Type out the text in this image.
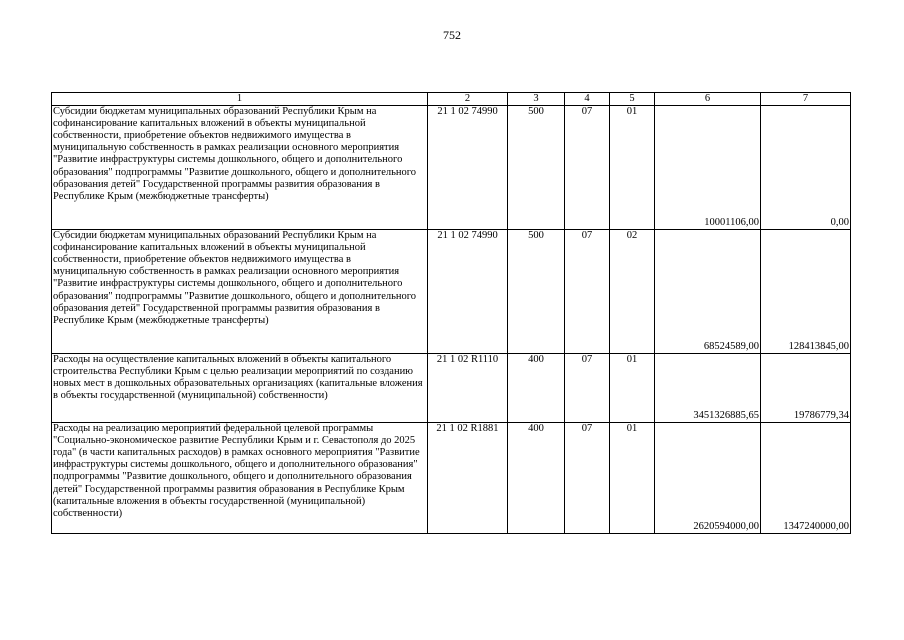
752
1	2	3	4	5	6	7
Субсидии бюджетам муниципальных образований Республики Крым на софинансирование капитальных вложений в объекты муниципальной собственности, приобретение объектов недвижимого имущества в муниципальную собственность в рамках реализации основного мероприятия "Развитие инфраструктуры системы дошкольного, общего и дополнительного образования" подпрограммы "Развитие дошкольного, общего и дополнительного образования детей" Государственной программы развития образования в Республике Крым (межбюджетные трансферты)	21 1 02 74990	500	07	01	10001106,00	0,00
Субсидии бюджетам муниципальных образований Республики Крым на софинансирование капитальных вложений в объекты муниципальной собственности, приобретение объектов недвижимого имущества в муниципальную собственность в рамках реализации основного мероприятия "Развитие инфраструктуры системы дошкольного, общего и дополнительного образования" подпрограммы "Развитие дошкольного, общего и дополнительного образования детей" Государственной программы развития образования в Республике Крым (межбюджетные трансферты)	21 1 02 74990	500	07	02	68524589,00	128413845,00
Расходы на осуществление капитальных вложений в объекты капитального строительства Республики Крым с целью реализации мероприятий по созданию новых мест в дошкольных образовательных организациях (капитальные вложения в объекты государственной (муниципальной) собственности)	21 1 02 R1110	400	07	01	3451326885,65	19786779,34
Расходы на реализацию мероприятий федеральной целевой программы "Социально-экономическое развитие Республики Крым и г. Севастополя до 2025 года" (в части капитальных расходов) в рамках основного мероприятия "Развитие инфраструктуры системы дошкольного, общего и дополнительного образования" подпрограммы "Развитие дошкольного, общего и дополнительного образования детей" Государственной программы развития образования в Республике Крым (капитальные вложения в объекты государственной (муниципальной) собственности)	21 1 02 R1881	400	07	01	2620594000,00	1347240000,00
